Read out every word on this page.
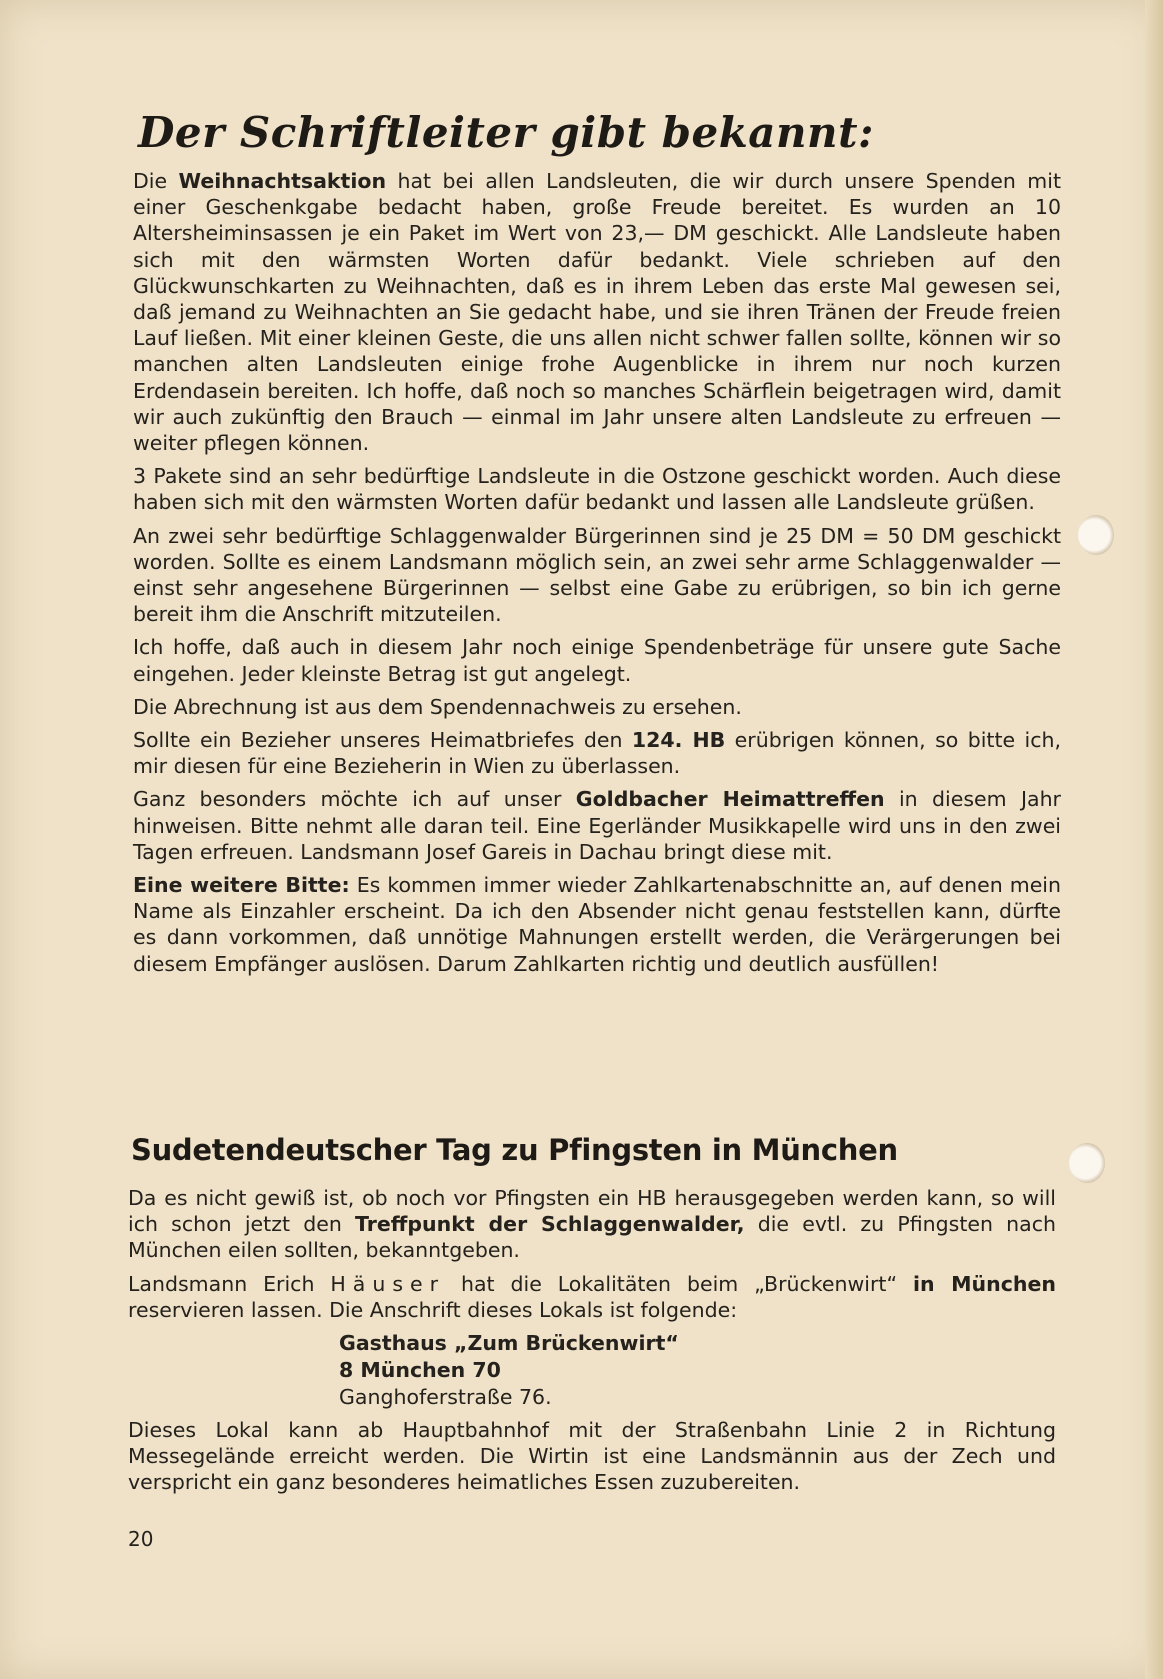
Der Schriftleiter gibt bekannt:

Die Weihnachtsaktion hat bei allen Landsleuten, die wir durch unsere Spenden mit einer Geschenkgabe bedacht haben, große Freude bereitet. Es wurden an 10 Altersheiminsassen je ein Paket im Wert von 23,— DM geschickt. Alle Landsleute haben sich mit den wärmsten Worten dafür bedankt. Viele schrieben auf den Glückwunschkarten zu Weihnachten, daß es in ihrem Leben das erste Mal gewesen sei, daß jemand zu Weihnachten an Sie gedacht habe, und sie ihren Tränen der Freude freien Lauf ließen. Mit einer kleinen Geste, die uns allen nicht schwer fallen sollte, können wir so manchen alten Landsleuten einige frohe Augenblicke in ihrem nur noch kurzen Erdendasein bereiten. Ich hoffe, daß noch so manches Schärflein beigetragen wird, damit wir auch zukünftig den Brauch — einmal im Jahr unsere alten Landsleute zu erfreuen — weiter pflegen können.

3 Pakete sind an sehr bedürftige Landsleute in die Ostzone geschickt worden. Auch diese haben sich mit den wärmsten Worten dafür bedankt und lassen alle Landsleute grüßen.

An zwei sehr bedürftige Schlaggenwalder Bürgerinnen sind je 25 DM = 50 DM geschickt worden. Sollte es einem Landsmann möglich sein, an zwei sehr arme Schlaggenwalder — einst sehr angesehene Bürgerinnen — selbst eine Gabe zu erübrigen, so bin ich gerne bereit ihm die Anschrift mitzuteilen.

Ich hoffe, daß auch in diesem Jahr noch einige Spendenbeträge für unsere gute Sache eingehen. Jeder kleinste Betrag ist gut angelegt.

Die Abrechnung ist aus dem Spendennachweis zu ersehen.

Sollte ein Bezieher unseres Heimatbriefes den 124. HB erübrigen können, so bitte ich, mir diesen für eine Bezieherin in Wien zu überlassen.

Ganz besonders möchte ich auf unser Goldbacher Heimattreffen in diesem Jahr hinweisen. Bitte nehmt alle daran teil. Eine Egerländer Musikkapelle wird uns in den zwei Tagen erfreuen. Landsmann Josef Gareis in Dachau bringt diese mit.

Eine weitere Bitte: Es kommen immer wieder Zahlkartenabschnitte an, auf denen mein Name als Einzahler erscheint. Da ich den Absender nicht genau feststellen kann, dürfte es dann vorkommen, daß unnötige Mahnungen erstellt werden, die Verärgerungen bei diesem Empfänger auslösen. Darum Zahlkarten richtig und deutlich ausfüllen!

Sudetendeutscher Tag zu Pfingsten in München

Da es nicht gewiß ist, ob noch vor Pfingsten ein HB herausgegeben werden kann, so will ich schon jetzt den Treffpunkt der Schlaggenwalder, die evtl. zu Pfingsten nach München eilen sollten, bekanntgeben.

Landsmann Erich Häuser hat die Lokalitäten beim „Brückenwirt“ in München reservieren lassen. Die Anschrift dieses Lokals ist folgende:

Gasthaus „Zum Brückenwirt“
8 München 70
Ganghoferstraße 76.

Dieses Lokal kann ab Hauptbahnhof mit der Straßenbahn Linie 2 in Richtung Messegelände erreicht werden. Die Wirtin ist eine Landsmännin aus der Zech und verspricht ein ganz besonderes heimatliches Essen zuzubereiten.

20
